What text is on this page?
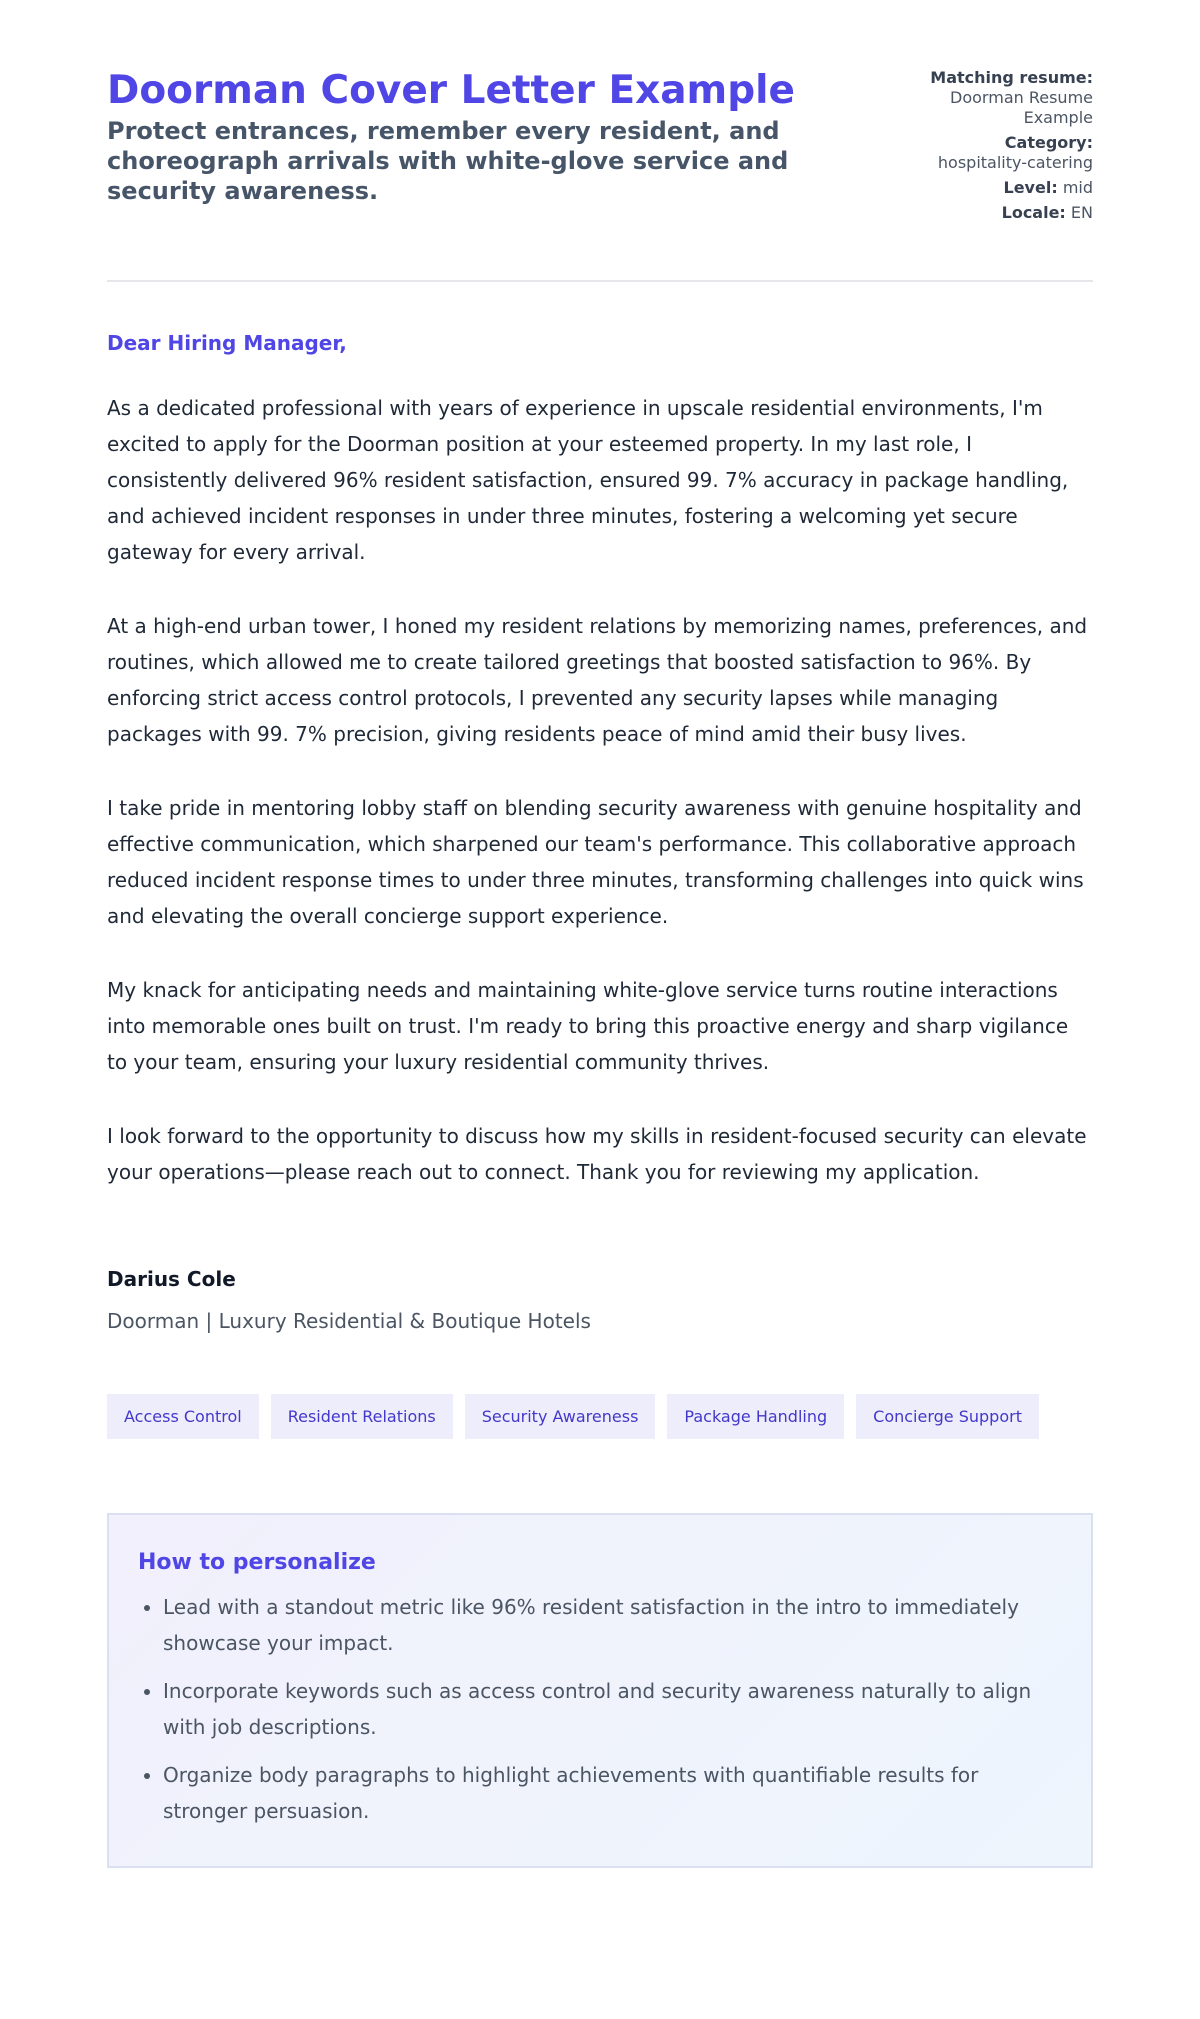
Doorman Cover Letter Example
Protect entrances, remember every resident, and choreograph arrivals with white-glove service and security awareness.
Matching resume:
Doorman Resume Example
Category:
hospitality-catering
Level: mid
Locale: EN
Dear Hiring Manager,

As a dedicated professional with years of experience in upscale residential environments, I'm excited to apply for the Doorman position at your esteemed property. In my last role, I consistently delivered 96% resident satisfaction, ensured 99. 7% accuracy in package handling, and achieved incident responses in under three minutes, fostering a welcoming yet secure gateway for every arrival.

At a high-end urban tower, I honed my resident relations by memorizing names, preferences, and routines, which allowed me to create tailored greetings that boosted satisfaction to 96%. By enforcing strict access control protocols, I prevented any security lapses while managing packages with 99. 7% precision, giving residents peace of mind amid their busy lives.

I take pride in mentoring lobby staff on blending security awareness with genuine hospitality and effective communication, which sharpened our team's performance. This collaborative approach reduced incident response times to under three minutes, transforming challenges into quick wins and elevating the overall concierge support experience.

My knack for anticipating needs and maintaining white-glove service turns routine interactions into memorable ones built on trust. I'm ready to bring this proactive energy and sharp vigilance to your team, ensuring your luxury residential community thrives.

I look forward to the opportunity to discuss how my skills in resident-focused security can elevate your operations—please reach out to connect. Thank you for reviewing my application.

Darius Cole
Doorman | Luxury Residential & Boutique Hotels
Access Control	Resident Relations	Security Awareness	Package Handling	Concierge Support
How to personalize
• Lead with a standout metric like 96% resident satisfaction in the intro to immediately showcase your impact.
• Incorporate keywords such as access control and security awareness naturally to align with job descriptions.
• Organize body paragraphs to highlight achievements with quantifiable results for stronger persuasion.
